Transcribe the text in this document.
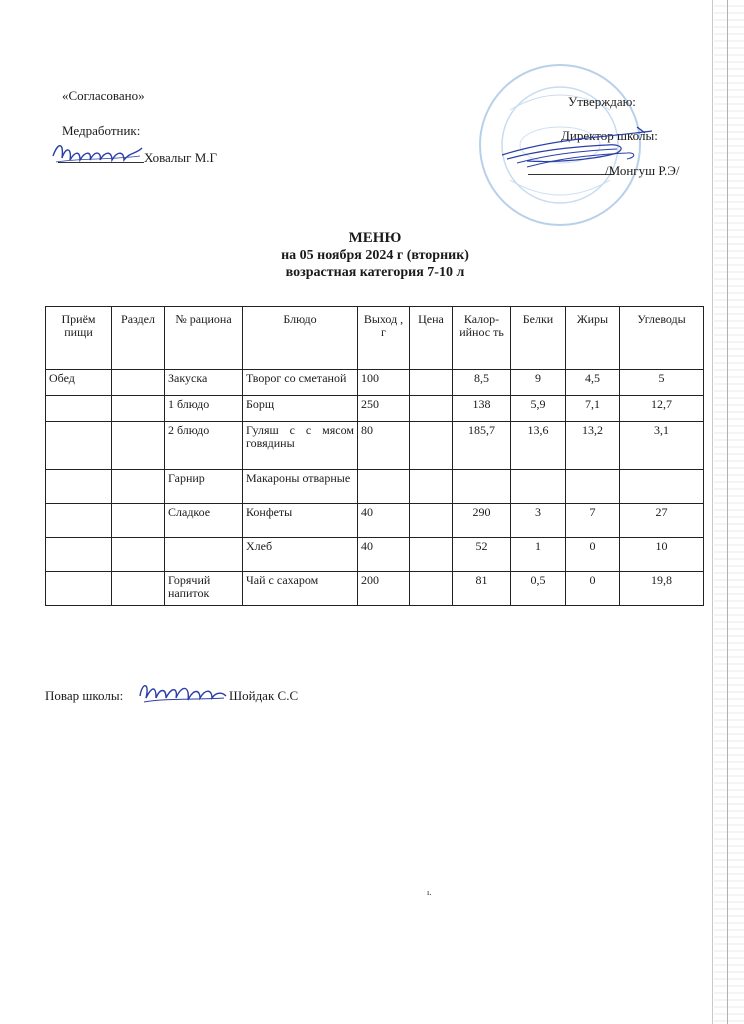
«Согласовано»
Медработник:
Ховалыг М.Г
Утверждаю:
Директор школы:
/Монгуш Р.Э/
МЕНЮ
на 05 ноября 2024 г (вторник)
возрастная категория 7-10 л
Приём пищи	Раздел	№ рациона	Блюдо	Выход , г	Цена	Калор-ийнос ть	Белки	Жиры	Углеводы
Обед		Закуска	Творог со сметаной	100		8,5	9	4,5	5
		1 блюдо	Борщ	250		138	5,9	7,1	12,7
		2 блюдо	Гуляш с с мясом говядины	80		185,7	13,6	13,2	3,1
		Гарнир	Макароны отварные						
		Сладкое	Конфеты	40		290	3	7	27
			Хлеб	40		52	1	0	10
		Горячий напиток	Чай с сахаром	200		81	0,5	0	19,8
Повар школы:	Шойдак С.С
ı.
